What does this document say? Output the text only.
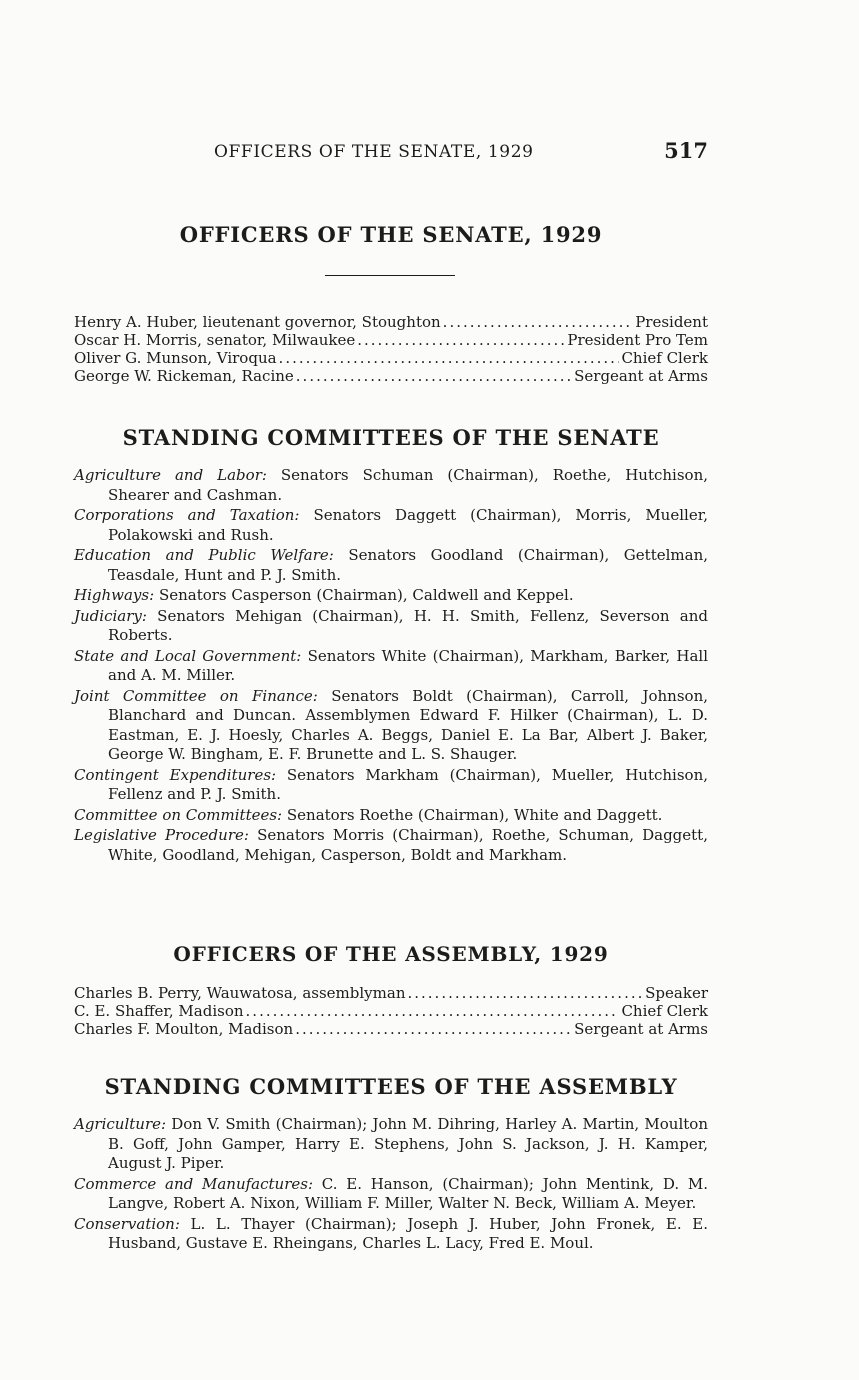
OFFICERS OF THE SENATE, 1929	517
OFFICERS OF THE SENATE, 1929
Henry A. Huber, lieutenant governor, Stoughton .....	President
Oscar H. Morris, senator, Milwaukee .....	President Pro Tem
Oliver G. Munson, Viroqua .....	Chief Clerk
George W. Rickeman, Racine .....	Sergeant at Arms
STANDING COMMITTEES OF THE SENATE

Agriculture and Labor: Senators Schuman (Chairman), Roethe, Hutchison, Shearer and Cashman.

Corporations and Taxation: Senators Daggett (Chairman), Morris, Mueller, Polakowski and Rush.

Education and Public Welfare: Senators Goodland (Chairman), Gettelman, Teasdale, Hunt and P. J. Smith.

Highways: Senators Casperson (Chairman), Caldwell and Keppel.

Judiciary: Senators Mehigan (Chairman), H. H. Smith, Fellenz, Severson and Roberts.

State and Local Government: Senators White (Chairman), Markham, Barker, Hall and A. M. Miller.

Joint Committee on Finance: Senators Boldt (Chairman), Carroll, Johnson, Blanchard and Duncan. Assemblymen Edward F. Hilker (Chairman), L. D. Eastman, E. J. Hoesly, Charles A. Beggs, Daniel E. La Bar, Albert J. Baker, George W. Bingham, E. F. Brunette and L. S. Shauger.

Contingent Expenditures: Senators Markham (Chairman), Mueller, Hutchison, Fellenz and P. J. Smith.

Committee on Committees: Senators Roethe (Chairman), White and Daggett.

Legislative Procedure: Senators Morris (Chairman), Roethe, Schuman, Daggett, White, Goodland, Mehigan, Casperson, Boldt and Markham.

OFFICERS OF THE ASSEMBLY, 1929
Charles B. Perry, Wauwatosa, assemblyman .....	Speaker
C. E. Shaffer, Madison .....	Chief Clerk
Charles F. Moulton, Madison .....	Sergeant at Arms
STANDING COMMITTEES OF THE ASSEMBLY

Agriculture: Don V. Smith (Chairman); John M. Dihring, Harley A. Martin, Moulton B. Goff, John Gamper, Harry E. Stephens, John S. Jackson, J. H. Kamper, August J. Piper.

Commerce and Manufactures: C. E. Hanson, (Chairman); John Mentink, D. M. Langve, Robert A. Nixon, William F. Miller, Walter N. Beck, William A. Meyer.

Conservation: L. L. Thayer (Chairman); Joseph J. Huber, John Fronek, E. E. Husband, Gustave E. Rheingans, Charles L. Lacy, Fred E. Moul.
